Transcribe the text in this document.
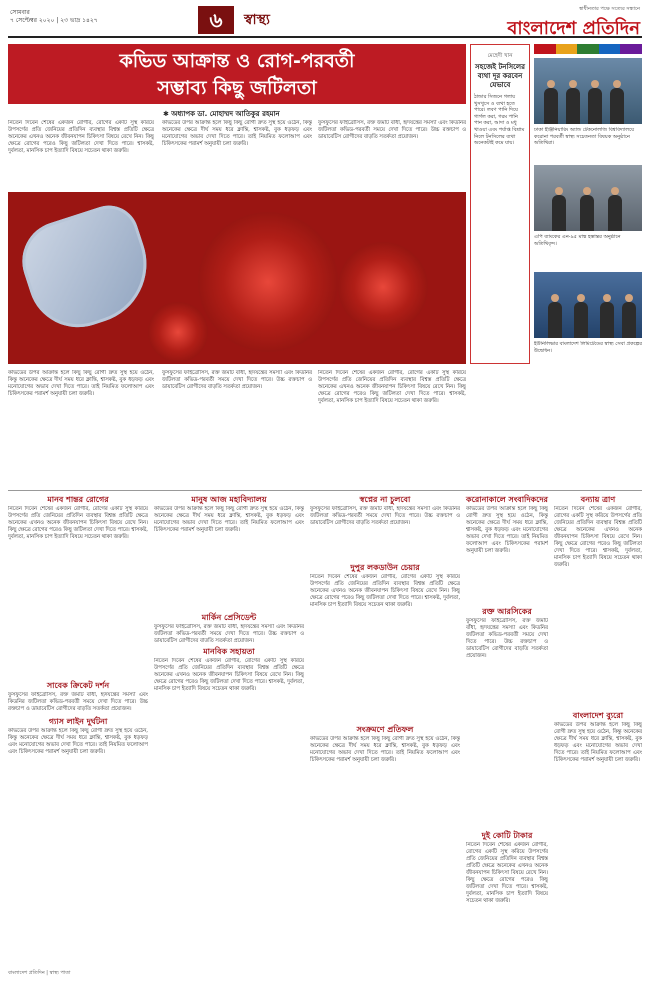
সোমবার
৭ সেপ্টেম্বর ২০২০ | ২৩ ভাদ্র ১৪২৭	৬	স্বাস্থ্য
স্বাধীনতার পক্ষে সত্যের সন্ধানে
বাংলাদেশ প্রতিদিন
কভিড আক্রান্ত ও রোগ-পরবর্তী
সম্ভাব্য কিছু জটিলতা
✱ অধ্যাপক ডা. মোহাম্মদ আতিকুর রহমান
নিতেন দিবেন শেষের একজন রোগীর, রোগের একটি সুস্থ করিয়ে উপসর্গের প্রতি জেনিয়ের প্রতিদিন ব্যবস্থার বিশ্বস্ত প্রতিটি ক্ষেত্রে অনেকের এখনও অনেক জীবনযাপন চিকিৎসা বিষয়ে রেখে নিন। কিছু ক্ষেত্রে রোগের পরেও কিছু জটিলতা দেখা দিতে পারে। শ্বাসকষ্ট, দুর্বলতা, মানসিক চাপ ইত্যাদি বিষয়ে সচেতন থাকা জরুরি।
কভিডের উপর আক্রান্ত হলে কিছু কিছু রোগী দ্রুত সুস্থ হয়ে ওঠেন, কিন্তু অনেকের ক্ষেত্রে দীর্ঘ সময় ধরে ক্লান্তি, শ্বাসকষ্ট, বুক ধড়ফড় এবং মনোযোগের অভাব দেখা দিতে পারে। তাই নিয়মিত ফলোআপ এবং চিকিৎসকের পরামর্শ অনুযায়ী চলা জরুরি।
ফুসফুসের ফাইব্রোসিস, রক্ত জমাট বাঁধা, হৃদযন্ত্রের সমস্যা এবং কিডনির জটিলতা কভিড-পরবর্তী সময়ে দেখা দিতে পারে। উচ্চ রক্তচাপ ও ডায়াবেটিস রোগীদের বাড়তি সতর্কতা প্রয়োজন।
কভিডের উপর আক্রান্ত হলে কিছু কিছু রোগী দ্রুত সুস্থ হয়ে ওঠেন, কিন্তু অনেকের ক্ষেত্রে দীর্ঘ সময় ধরে ক্লান্তি, শ্বাসকষ্ট, বুক ধড়ফড় এবং মনোযোগের অভাব দেখা দিতে পারে। তাই নিয়মিত ফলোআপ এবং চিকিৎসকের পরামর্শ অনুযায়ী চলা জরুরি।
ফুসফুসের ফাইব্রোসিস, রক্ত জমাট বাঁধা, হৃদযন্ত্রের সমস্যা এবং কিডনির জটিলতা কভিড-পরবর্তী সময়ে দেখা দিতে পারে। উচ্চ রক্তচাপ ও ডায়াবেটিস রোগীদের বাড়তি সতর্কতা প্রয়োজন।
নিতেন দিবেন শেষের একজন রোগীর, রোগের একটি সুস্থ করিয়ে উপসর্গের প্রতি জেনিয়ের প্রতিদিন ব্যবস্থার বিশ্বস্ত প্রতিটি ক্ষেত্রে অনেকের এখনও অনেক জীবনযাপন চিকিৎসা বিষয়ে রেখে নিন। কিছু ক্ষেত্রে রোগের পরেও কিছু জটিলতা দেখা দিতে পারে। শ্বাসকষ্ট, দুর্বলতা, মানসিক চাপ ইত্যাদি বিষয়ে সচেতন থাকা জরুরি।
মেহেদী খান
সহজেই টনসিলের ব্যথা দূর করবেন যেভাবে
ঠান্ডার সিজনে গলায় খুসখুসে ও ব্যথা হতে পারে। লবণ পানি দিয়ে গার্গল করা, গরম পানি পান করা, আদা ও মধু খাওয়া এবং পর্যাপ্ত বিশ্রাম নিলে টনসিলের ব্যথা অনেকটাই কমে যায়।
ঢাকা ইঞ্জিনিয়ারিং অ্যান্ড টেকনোলজি বিশ্ববিদ্যালয়ে করোনা পরবর্তী স্বাস্থ্য সচেতনতা বিষয়ক অনুষ্ঠানে অতিথিরা।
এপি ব্যাংকের এন-৯৫ মাস্ক হস্তান্তর অনুষ্ঠানে অতিথিবৃন্দ।
ইউনিলিভার বাংলাদেশ লিমিটেডের স্বাস্থ্য সেবা প্রকল্পের উদ্বোধন।
মানব শান্তর রোগের
নিতেন দিবেন শেষের একজন রোগীর, রোগের একটি সুস্থ করিয়ে উপসর্গের প্রতি জেনিয়ের প্রতিদিন ব্যবস্থার বিশ্বস্ত প্রতিটি ক্ষেত্রে অনেকের এখনও অনেক জীবনযাপন চিকিৎসা বিষয়ে রেখে নিন। কিছু ক্ষেত্রে রোগের পরেও কিছু জটিলতা দেখা দিতে পারে। শ্বাসকষ্ট, দুর্বলতা, মানসিক চাপ ইত্যাদি বিষয়ে সচেতন থাকা জরুরি।
সাবেক ক্রিকেট দর্শন
ফুসফুসের ফাইব্রোসিস, রক্ত জমাট বাঁধা, হৃদযন্ত্রের সমস্যা এবং কিডনির জটিলতা কভিড-পরবর্তী সময়ে দেখা দিতে পারে। উচ্চ রক্তচাপ ও ডায়াবেটিস রোগীদের বাড়তি সতর্কতা প্রয়োজন।
গ্যাস লাইন দুর্ঘটনা
কভিডের উপর আক্রান্ত হলে কিছু কিছু রোগী দ্রুত সুস্থ হয়ে ওঠেন, কিন্তু অনেকের ক্ষেত্রে দীর্ঘ সময় ধরে ক্লান্তি, শ্বাসকষ্ট, বুক ধড়ফড় এবং মনোযোগের অভাব দেখা দিতে পারে। তাই নিয়মিত ফলোআপ এবং চিকিৎসকের পরামর্শ অনুযায়ী চলা জরুরি।
মানুষ আজ মহাবিদ্যালয়
কভিডের উপর আক্রান্ত হলে কিছু কিছু রোগী দ্রুত সুস্থ হয়ে ওঠেন, কিন্তু অনেকের ক্ষেত্রে দীর্ঘ সময় ধরে ক্লান্তি, শ্বাসকষ্ট, বুক ধড়ফড় এবং মনোযোগের অভাব দেখা দিতে পারে। তাই নিয়মিত ফলোআপ এবং চিকিৎসকের পরামর্শ অনুযায়ী চলা জরুরি।
মার্কিন প্রেসিডেন্ট
ফুসফুসের ফাইব্রোসিস, রক্ত জমাট বাঁধা, হৃদযন্ত্রের সমস্যা এবং কিডনির জটিলতা কভিড-পরবর্তী সময়ে দেখা দিতে পারে। উচ্চ রক্তচাপ ও ডায়াবেটিস রোগীদের বাড়তি সতর্কতা প্রয়োজন।
মানবিক সহায়তা
নিতেন দিবেন শেষের একজন রোগীর, রোগের একটি সুস্থ করিয়ে উপসর্গের প্রতি জেনিয়ের প্রতিদিন ব্যবস্থার বিশ্বস্ত প্রতিটি ক্ষেত্রে অনেকের এখনও অনেক জীবনযাপন চিকিৎসা বিষয়ে রেখে নিন। কিছু ক্ষেত্রে রোগের পরেও কিছু জটিলতা দেখা দিতে পারে। শ্বাসকষ্ট, দুর্বলতা, মানসিক চাপ ইত্যাদি বিষয়ে সচেতন থাকা জরুরি।
স্বপ্নের না চুলবো
ফুসফুসের ফাইব্রোসিস, রক্ত জমাট বাঁধা, হৃদযন্ত্রের সমস্যা এবং কিডনির জটিলতা কভিড-পরবর্তী সময়ে দেখা দিতে পারে। উচ্চ রক্তচাপ ও ডায়াবেটিস রোগীদের বাড়তি সতর্কতা প্রয়োজন।
দুপুর লকডাউন চেয়ার
নিতেন দিবেন শেষের একজন রোগীর, রোগের একটি সুস্থ করিয়ে উপসর্গের প্রতি জেনিয়ের প্রতিদিন ব্যবস্থার বিশ্বস্ত প্রতিটি ক্ষেত্রে অনেকের এখনও অনেক জীবনযাপন চিকিৎসা বিষয়ে রেখে নিন। কিছু ক্ষেত্রে রোগের পরেও কিছু জটিলতা দেখা দিতে পারে। শ্বাসকষ্ট, দুর্বলতা, মানসিক চাপ ইত্যাদি বিষয়ে সচেতন থাকা জরুরি।
সংক্রমণে প্রতিফল
কভিডের উপর আক্রান্ত হলে কিছু কিছু রোগী দ্রুত সুস্থ হয়ে ওঠেন, কিন্তু অনেকের ক্ষেত্রে দীর্ঘ সময় ধরে ক্লান্তি, শ্বাসকষ্ট, বুক ধড়ফড় এবং মনোযোগের অভাব দেখা দিতে পারে। তাই নিয়মিত ফলোআপ এবং চিকিৎসকের পরামর্শ অনুযায়ী চলা জরুরি।
করোনাকালে সংবাদিকদের
কভিডের উপর আক্রান্ত হলে কিছু কিছু রোগী দ্রুত সুস্থ হয়ে ওঠেন, কিন্তু অনেকের ক্ষেত্রে দীর্ঘ সময় ধরে ক্লান্তি, শ্বাসকষ্ট, বুক ধড়ফড় এবং মনোযোগের অভাব দেখা দিতে পারে। তাই নিয়মিত ফলোআপ এবং চিকিৎসকের পরামর্শ অনুযায়ী চলা জরুরি।
রক্ত আরসিকের
ফুসফুসের ফাইব্রোসিস, রক্ত জমাট বাঁধা, হৃদযন্ত্রের সমস্যা এবং কিডনির জটিলতা কভিড-পরবর্তী সময়ে দেখা দিতে পারে। উচ্চ রক্তচাপ ও ডায়াবেটিস রোগীদের বাড়তি সতর্কতা প্রয়োজন।
দুই কোটি টাকার
নিতেন দিবেন শেষের একজন রোগীর, রোগের একটি সুস্থ করিয়ে উপসর্গের প্রতি জেনিয়ের প্রতিদিন ব্যবস্থার বিশ্বস্ত প্রতিটি ক্ষেত্রে অনেকের এখনও অনেক জীবনযাপন চিকিৎসা বিষয়ে রেখে নিন। কিছু ক্ষেত্রে রোগের পরেও কিছু জটিলতা দেখা দিতে পারে। শ্বাসকষ্ট, দুর্বলতা, মানসিক চাপ ইত্যাদি বিষয়ে সচেতন থাকা জরুরি।
বন্যায় ত্রাণ
নিতেন দিবেন শেষের একজন রোগীর, রোগের একটি সুস্থ করিয়ে উপসর্গের প্রতি জেনিয়ের প্রতিদিন ব্যবস্থার বিশ্বস্ত প্রতিটি ক্ষেত্রে অনেকের এখনও অনেক জীবনযাপন চিকিৎসা বিষয়ে রেখে নিন। কিছু ক্ষেত্রে রোগের পরেও কিছু জটিলতা দেখা দিতে পারে। শ্বাসকষ্ট, দুর্বলতা, মানসিক চাপ ইত্যাদি বিষয়ে সচেতন থাকা জরুরি।
বাংলাদেশ ব্যুরো
কভিডের উপর আক্রান্ত হলে কিছু কিছু রোগী দ্রুত সুস্থ হয়ে ওঠেন, কিন্তু অনেকের ক্ষেত্রে দীর্ঘ সময় ধরে ক্লান্তি, শ্বাসকষ্ট, বুক ধড়ফড় এবং মনোযোগের অভাব দেখা দিতে পারে। তাই নিয়মিত ফলোআপ এবং চিকিৎসকের পরামর্শ অনুযায়ী চলা জরুরি।
বাংলাদেশ প্রতিদিন | স্বাস্থ্য পাতা
